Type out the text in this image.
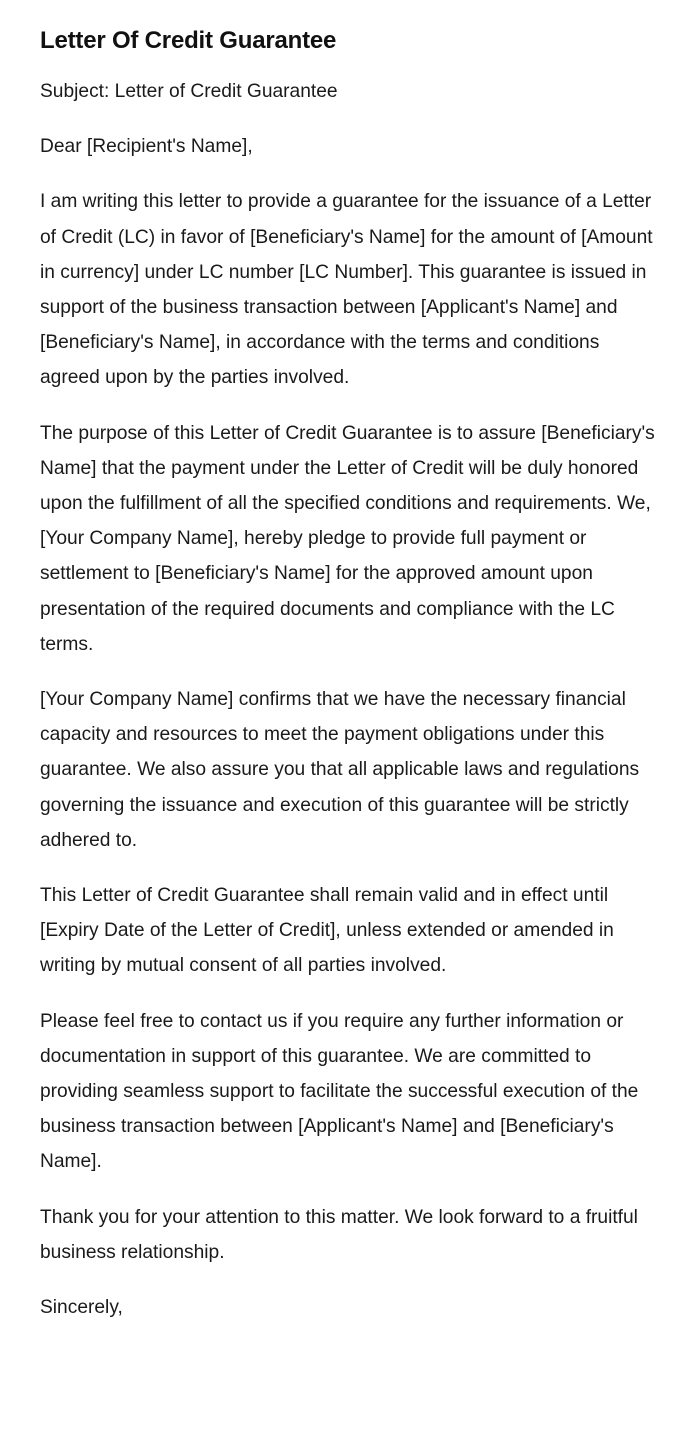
Letter Of Credit Guarantee

Subject: Letter of Credit Guarantee

Dear [Recipient's Name],

I am writing this letter to provide a guarantee for the issuance of a Letter of Credit (LC) in favor of [Beneficiary's Name] for the amount of [Amount in currency] under LC number [LC Number]. This guarantee is issued in support of the business transaction between [Applicant's Name] and [Beneficiary's Name], in accordance with the terms and conditions agreed upon by the parties involved.

The purpose of this Letter of Credit Guarantee is to assure [Beneficiary's Name] that the payment under the Letter of Credit will be duly honored upon the fulfillment of all the specified conditions and requirements. We, [Your Company Name], hereby pledge to provide full payment or settlement to [Beneficiary's Name] for the approved amount upon presentation of the required documents and compliance with the LC terms.

[Your Company Name] confirms that we have the necessary financial capacity and resources to meet the payment obligations under this guarantee. We also assure you that all applicable laws and regulations governing the issuance and execution of this guarantee will be strictly adhered to.

This Letter of Credit Guarantee shall remain valid and in effect until [Expiry Date of the Letter of Credit], unless extended or amended in writing by mutual consent of all parties involved.

Please feel free to contact us if you require any further information or documentation in support of this guarantee. We are committed to providing seamless support to facilitate the successful execution of the business transaction between [Applicant's Name] and [Beneficiary's Name].

Thank you for your attention to this matter. We look forward to a fruitful business relationship.

Sincerely,
